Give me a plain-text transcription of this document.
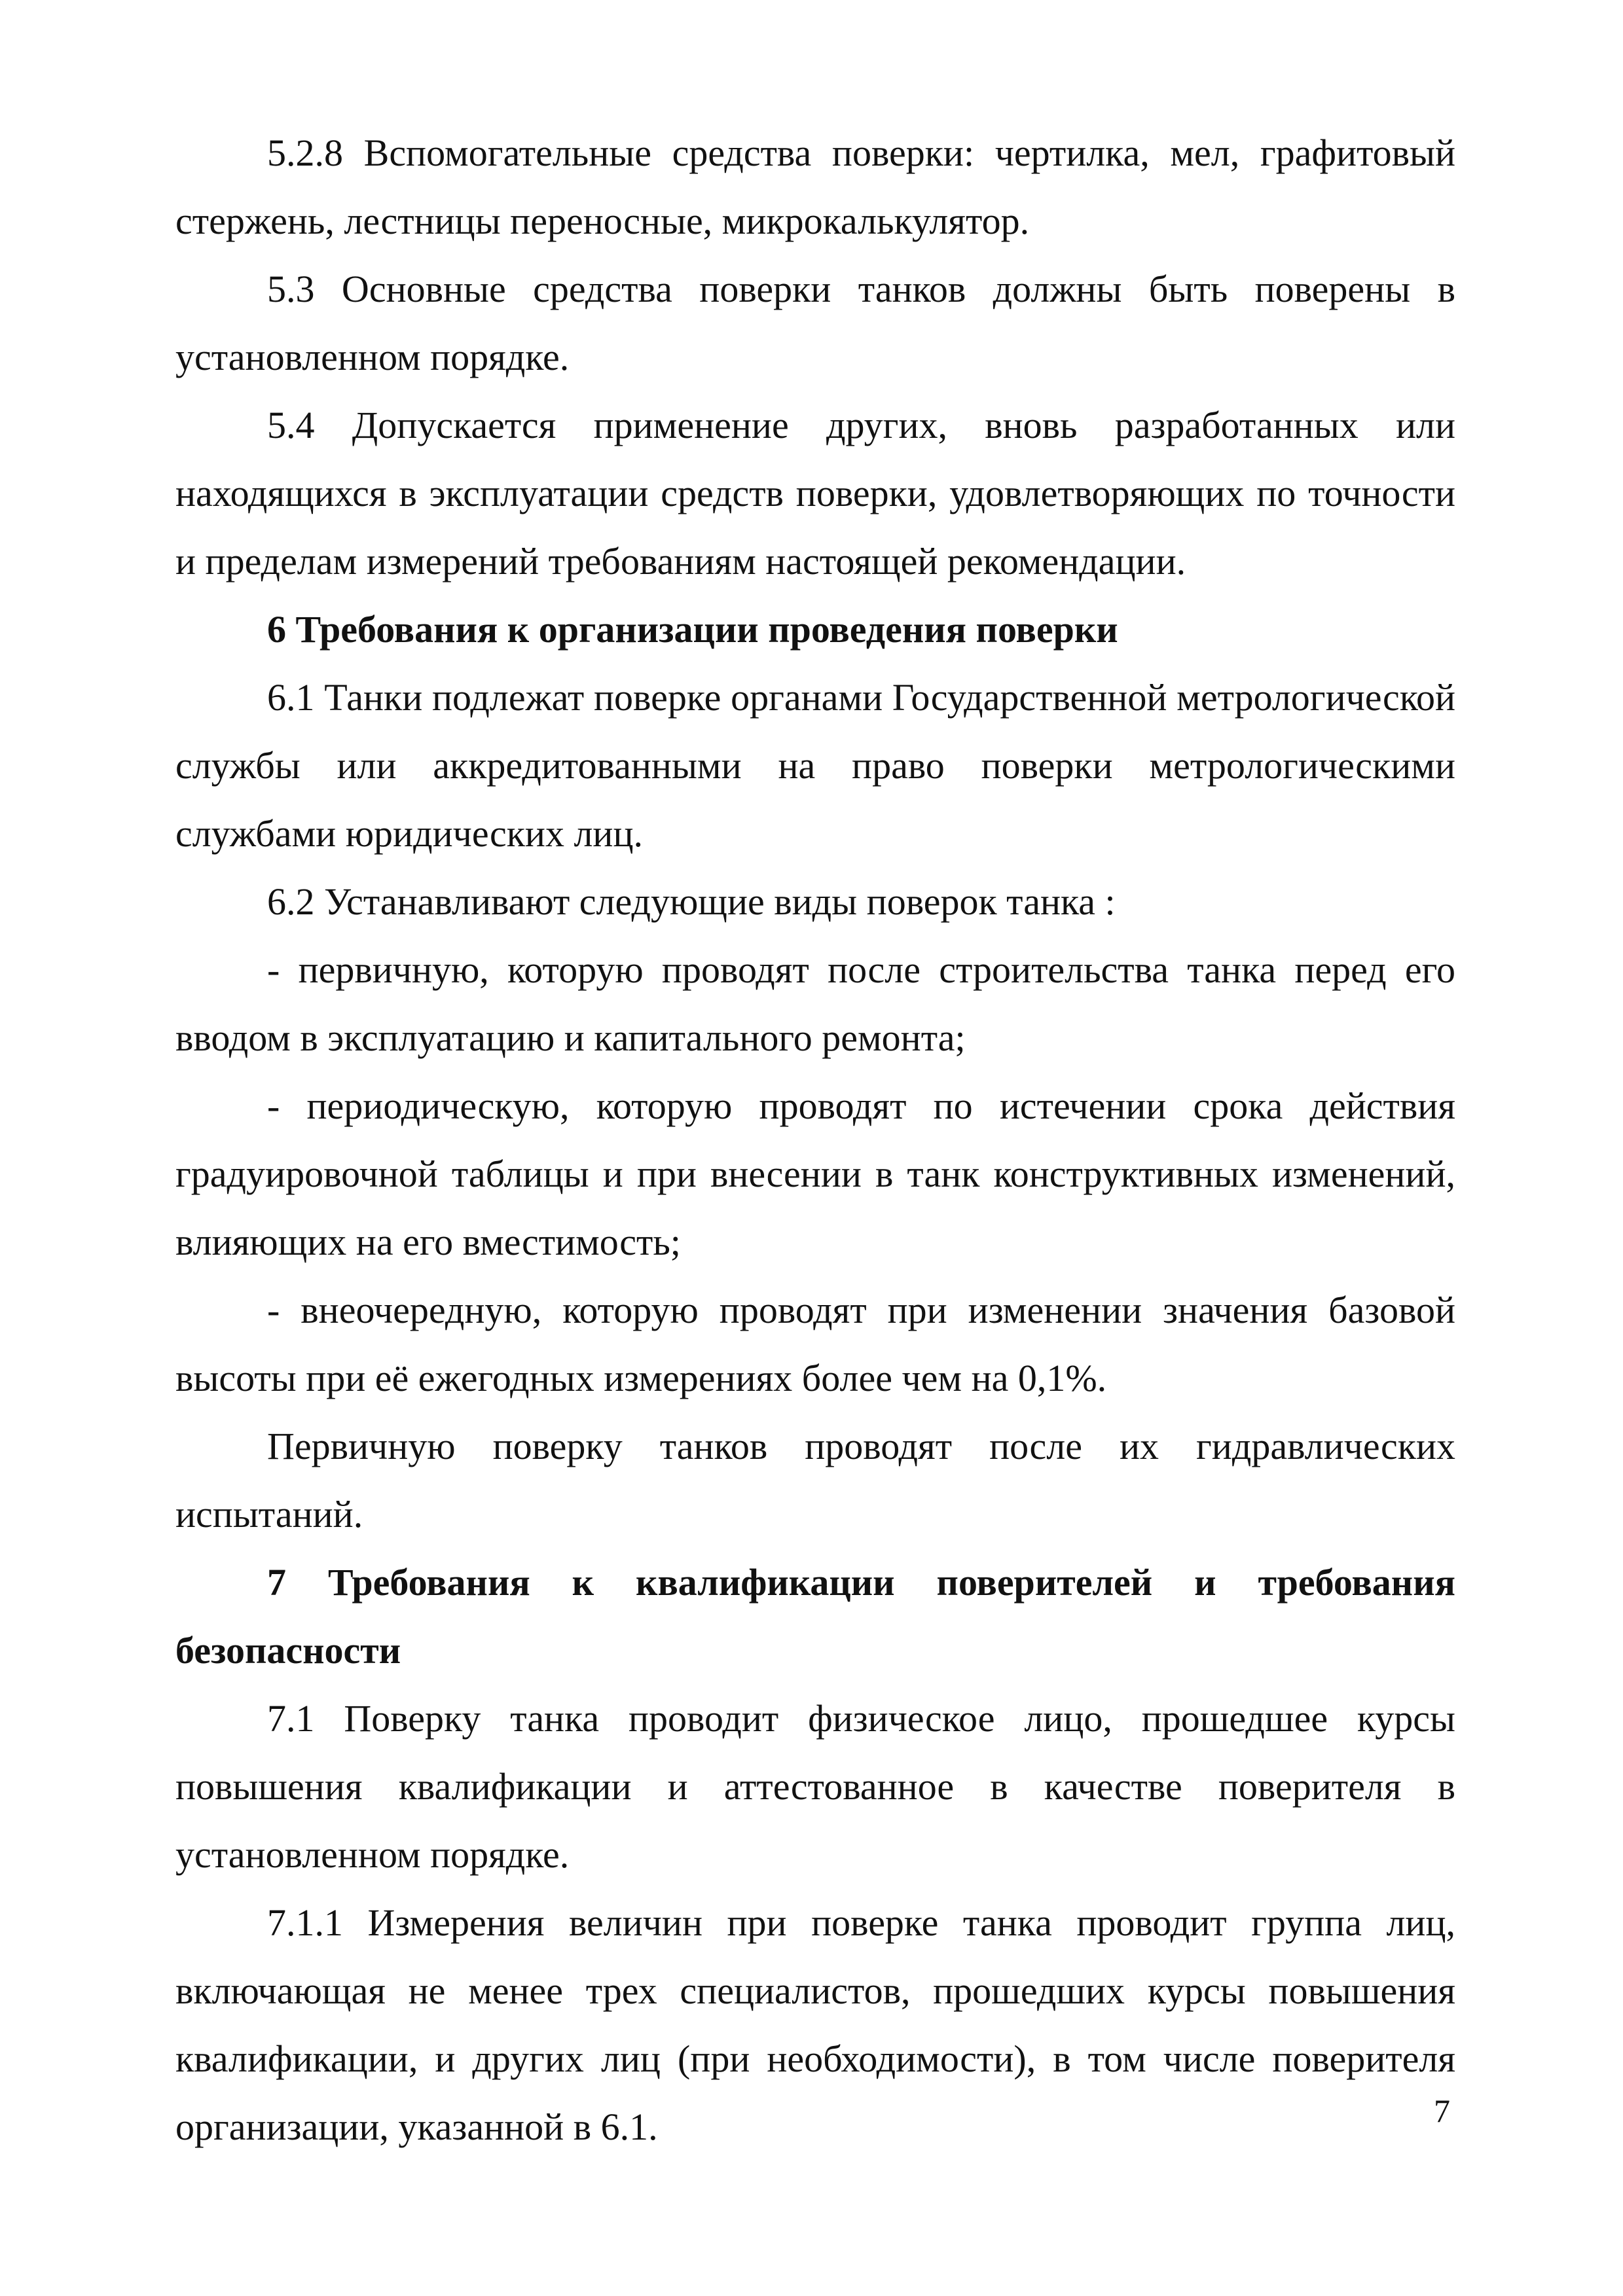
5.2.8 Вспомогательные средства поверки: чертилка, мел, графитовый стержень, лестницы переносные, микрокалькулятор.

5.3 Основные средства поверки танков должны быть поверены в установленном порядке.

5.4 Допускается применение других, вновь разработанных или находящихся в эксплуатации средств поверки, удовлетворяющих по точности и пределам измерений требованиям настоящей рекомендации.

6 Требования к организации проведения поверки

6.1 Танки подлежат поверке органами Государственной метрологической службы или аккредитованными на право поверки метрологическими службами юридических лиц.

6.2 Устанавливают следующие виды поверок танка :

- первичную, которую проводят после строительства танка перед его вводом в эксплуатацию и капитального ремонта;

- периодическую, которую проводят по истечении срока действия градуировочной таблицы и при внесении в танк конструктивных изменений, влияющих на его вместимость;

- внеочередную, которую проводят при изменении значения базовой высоты при её ежегодных измерениях более чем на 0,1%.

Первичную поверку танков проводят после их гидравлических испытаний.

7 Требования к квалификации поверителей и требования безопасности

7.1 Поверку танка проводит физическое лицо, прошедшее курсы повышения квалификации и аттестованное в качестве поверителя в установленном порядке.

7.1.1 Измерения величин при поверке танка проводит группа лиц, включающая не менее трех специалистов, прошедших курсы повышения квалификации, и других лиц (при необходимости), в том числе поверителя организации, указанной в 6.1.	7
